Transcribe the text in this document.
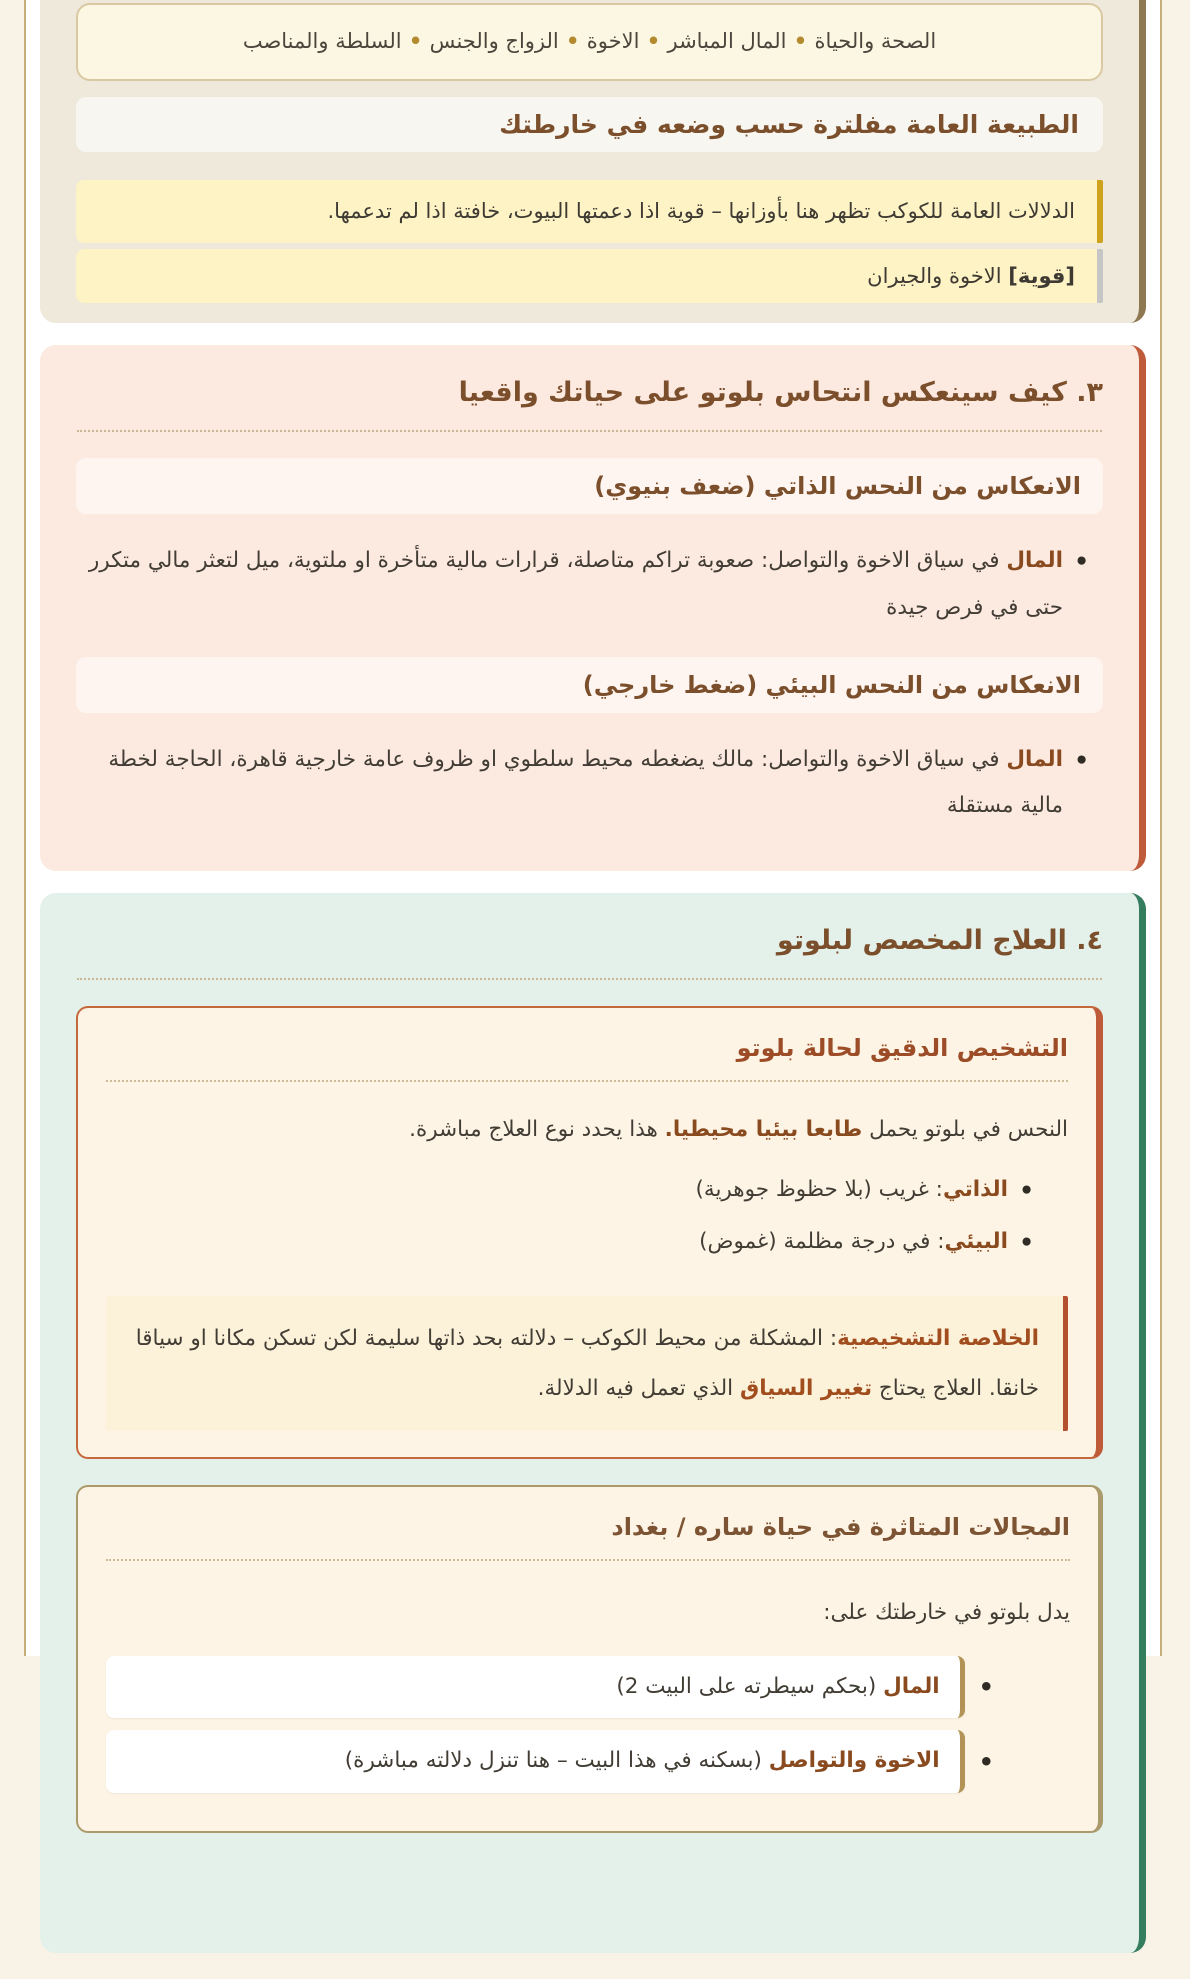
الصحة والحياة • المال المباشر • الاخوة • الزواج والجنس • السلطة والمناصب
الطبيعة العامة مفلترة حسب وضعه في خارطتك
الدلالات العامة للكوكب تظهر هنا بأوزانها – قوية اذا دعمتها البيوت، خافتة اذا لم تدعمها.
[قوية] الاخوة والجيران
٣. كيف سينعكس انتحاس بلوتو على حياتك واقعيا
الانعكاس من النحس الذاتي (ضعف بنيوي)
• المال في سياق الاخوة والتواصل: صعوبة تراكم متاصلة، قرارات مالية متأخرة او ملتوية، ميل لتعثر مالي متكرر حتى في فرص جيدة
الانعكاس من النحس البيئي (ضغط خارجي)
• المال في سياق الاخوة والتواصل: مالك يضغطه محيط سلطوي او ظروف عامة خارجية قاهرة، الحاجة لخطة مالية مستقلة
٤. العلاج المخصص لبلوتو
التشخيص الدقيق لحالة بلوتو

النحس في بلوتو يحمل طابعا بيئيا محيطيا. هذا يحدد نوع العلاج مباشرة.

• الذاتي: غريب (بلا حظوظ جوهرية)
• البيئي: في درجة مظلمة (غموض)
الخلاصة التشخيصية: المشكلة من محيط الكوكب – دلالته بحد ذاتها سليمة لكن تسكن مكانا او سياقا خانقا. العلاج يحتاج تغيير السياق الذي تعمل فيه الدلالة.
المجالات المتاثرة في حياة ساره / بغداد

يدل بلوتو في خارطتك على:

•
المال (بحكم سيطرته على البيت 2)
•
الاخوة والتواصل (بسكنه في هذا البيت – هنا تنزل دلالته مباشرة)
